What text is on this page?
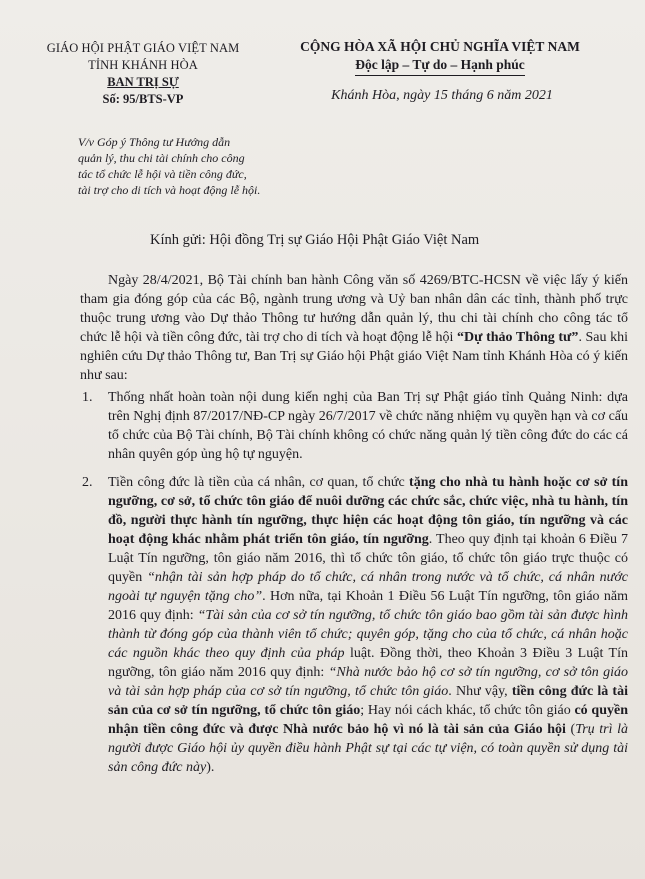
GIÁO HỘI PHẬT GIÁO VIỆT NAM
TỈNH KHÁNH HÒA
BAN TRỊ SỰ
Số: 95/BTS-VP
CỘNG HÒA XÃ HỘI CHỦ NGHĨA VIỆT NAM
Độc lập – Tự do – Hạnh phúc
Khánh Hòa, ngày 15 tháng 6 năm 2021
V/v Góp ý Thông tư Hướng dẫn
quản lý, thu chi tài chính cho công
tác tổ chức lễ hội và tiền công đức,
tài trợ cho di tích và hoạt động lễ hội.
Kính gửi: Hội đồng Trị sự Giáo Hội Phật Giáo Việt Nam

Ngày 28/4/2021, Bộ Tài chính ban hành Công văn số 4269/BTC-HCSN về việc lấy ý kiến tham gia đóng góp của các Bộ, ngành trung ương và Uỷ ban nhân dân các tỉnh, thành phố trực thuộc trung ương vào Dự thảo Thông tư hướng dẫn quản lý, thu chi tài chính cho công tác tổ chức lễ hội và tiền công đức, tài trợ cho di tích và hoạt động lễ hội “Dự thảo Thông tư”. Sau khi nghiên cứu Dự thảo Thông tư, Ban Trị sự Giáo hội Phật giáo Việt Nam tỉnh Khánh Hòa có ý kiến như sau:

1. Thống nhất hoàn toàn nội dung kiến nghị của Ban Trị sự Phật giáo tỉnh Quảng Ninh: dựa trên Nghị định 87/2017/NĐ-CP ngày 26/7/2017 về chức năng nhiệm vụ quyền hạn và cơ cấu tổ chức của Bộ Tài chính, Bộ Tài chính không có chức năng quản lý tiền công đức do các cá nhân quyên góp ủng hộ tự nguyện.
2. Tiền công đức là tiền của cá nhân, cơ quan, tổ chức tặng cho nhà tu hành hoặc cơ sở tín ngưỡng, cơ sở, tổ chức tôn giáo để nuôi dưỡng các chức sắc, chức việc, nhà tu hành, tín đồ, người thực hành tín ngưỡng, thực hiện các hoạt động tôn giáo, tín ngưỡng và các hoạt động khác nhằm phát triển tôn giáo, tín ngưỡng. Theo quy định tại khoản 6 Điều 7 Luật Tín ngưỡng, tôn giáo năm 2016, thì tổ chức tôn giáo, tổ chức tôn giáo trực thuộc có quyền “nhận tài sản hợp pháp do tổ chức, cá nhân trong nước và tổ chức, cá nhân nước ngoài tự nguyện tặng cho”. Hơn nữa, tại Khoản 1 Điều 56 Luật Tín ngưỡng, tôn giáo năm 2016 quy định: “Tài sản của cơ sở tín ngưỡng, tổ chức tôn giáo bao gồm tài sản được hình thành từ đóng góp của thành viên tổ chức; quyên góp, tặng cho của tổ chức, cá nhân hoặc các nguồn khác theo quy định của pháp luật. Đồng thời, theo Khoản 3 Điều 3 Luật Tín ngưỡng, tôn giáo năm 2016 quy định: “Nhà nước bảo hộ cơ sở tín ngưỡng, cơ sở tôn giáo và tài sản hợp pháp của cơ sở tín ngưỡng, tổ chức tôn giáo. Như vậy, tiền công đức là tài sản của cơ sở tín ngưỡng, tổ chức tôn giáo; Hay nói cách khác, tổ chức tôn giáo có quyền nhận tiền công đức và được Nhà nước bảo hộ vì nó là tài sản của Giáo hội (Trụ trì là người được Giáo hội ủy quyền điều hành Phật sự tại các tự viện, có toàn quyền sử dụng tài sản công đức này).
